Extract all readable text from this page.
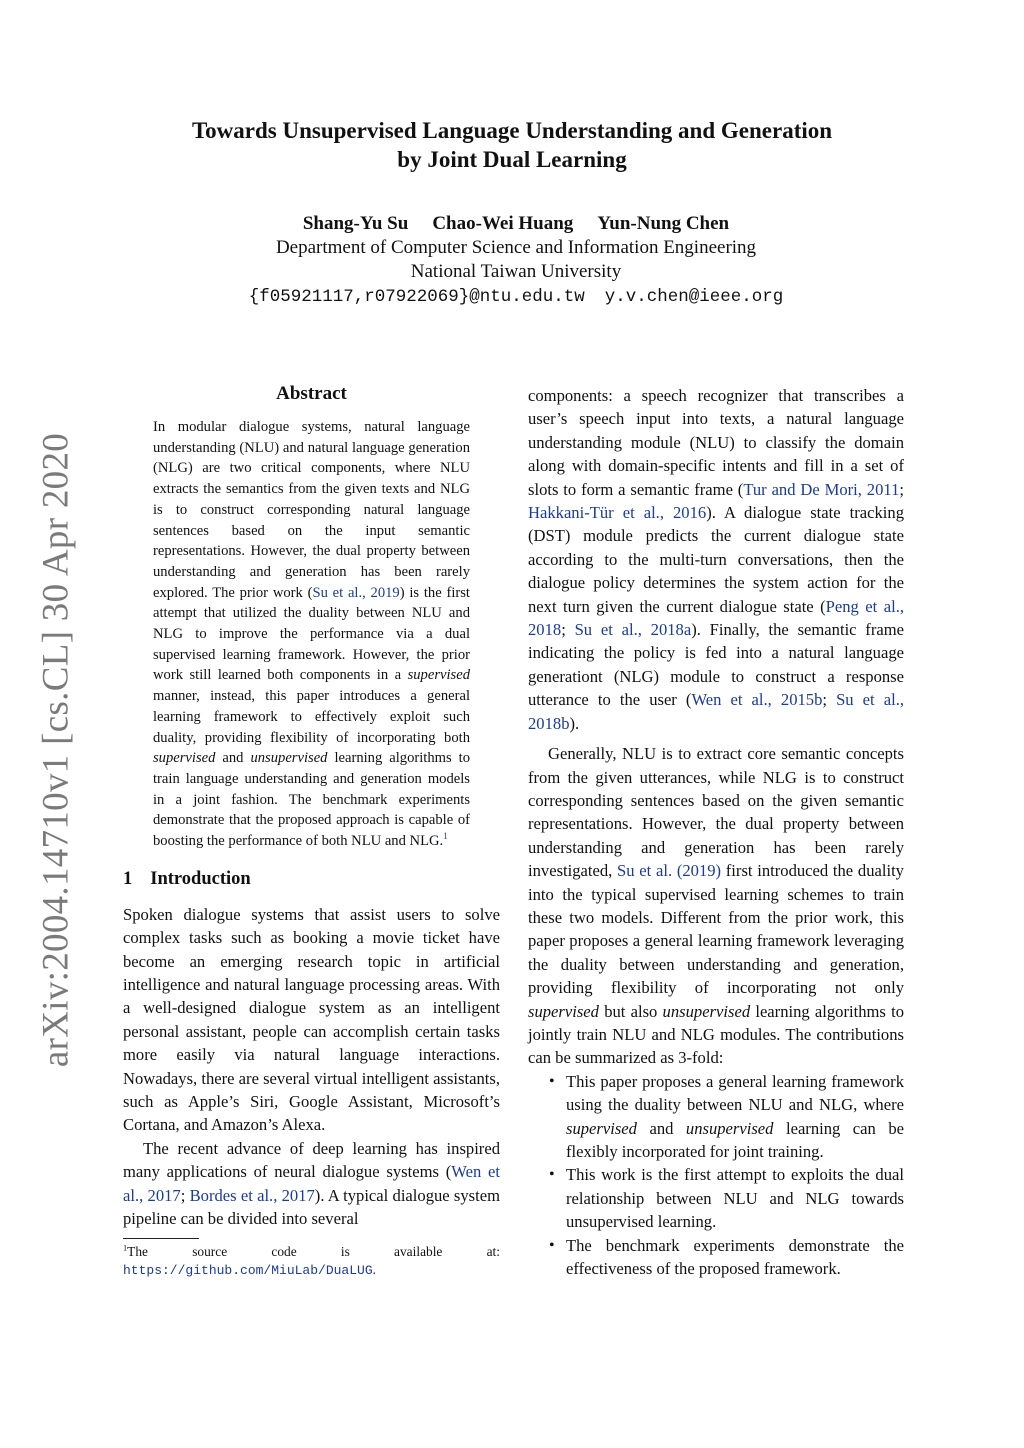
arXiv:2004.14710v1 [cs.CL] 30 Apr 2020
Towards Unsupervised Language Understanding and Generation
by Joint Dual Learning
Shang-Yu Su Chao-Wei Huang Yun-Nung Chen
Department of Computer Science and Information Engineering
National Taiwan University
{f05921117,r07922069}@ntu.edu.tw y.v.chen@ieee.org
Abstract
In modular dialogue systems, natural language understanding (NLU) and natural language generation (NLG) are two critical components, where NLU extracts the semantics from the given texts and NLG is to construct corresponding natural language sentences based on the input semantic representations. However, the dual property between understanding and generation has been rarely explored. The prior work (Su et al., 2019) is the first attempt that utilized the duality between NLU and NLG to improve the performance via a dual supervised learning framework. However, the prior work still learned both components in a supervised manner, instead, this paper introduces a general learning framework to effectively exploit such duality, providing flexibility of incorporating both supervised and unsupervised learning algorithms to train language understanding and generation models in a joint fashion. The benchmark experiments demonstrate that the proposed approach is capable of boosting the performance of both NLU and NLG.$^1$
1 Introduction

Spoken dialogue systems that assist users to solve complex tasks such as booking a movie ticket have become an emerging research topic in artificial intelligence and natural language processing areas. With a well-designed dialogue system as an intelligent personal assistant, people can accomplish certain tasks more easily via natural language interactions. Nowadays, there are several virtual intelligent assistants, such as Apple’s Siri, Google Assistant, Microsoft’s Cortana, and Amazon’s Alexa.

The recent advance of deep learning has inspired many applications of neural dialogue systems (Wen et al., 2017; Bordes et al., 2017). A typical dialogue system pipeline can be divided into several

$^1$The source code is available at: https://github.com/MiuLab/DuaLUG.

components: a speech recognizer that transcribes a user’s speech input into texts, a natural language understanding module (NLU) to classify the domain along with domain-specific intents and fill in a set of slots to form a semantic frame (Tur and De Mori, 2011; Hakkani-Tür et al., 2016). A dialogue state tracking (DST) module predicts the current dialogue state according to the multi-turn conversations, then the dialogue policy determines the system action for the next turn given the current dialogue state (Peng et al., 2018; Su et al., 2018a). Finally, the semantic frame indicating the policy is fed into a natural language generationt (NLG) module to construct a response utterance to the user (Wen et al., 2015b; Su et al., 2018b).

Generally, NLU is to extract core semantic concepts from the given utterances, while NLG is to construct corresponding sentences based on the given semantic representations. However, the dual property between understanding and generation has been rarely investigated, Su et al. (2019) first introduced the duality into the typical supervised learning schemes to train these two models. Different from the prior work, this paper proposes a general learning framework leveraging the duality between understanding and generation, providing flexibility of incorporating not only supervised but also unsupervised learning algorithms to jointly train NLU and NLG modules. The contributions can be summarized as 3-fold:

• This paper proposes a general learning framework using the duality between NLU and NLG, where supervised and unsupervised learning can be flexibly incorporated for joint training.
• This work is the first attempt to exploits the dual relationship between NLU and NLG towards unsupervised learning.
• The benchmark experiments demonstrate the effectiveness of the proposed framework.
